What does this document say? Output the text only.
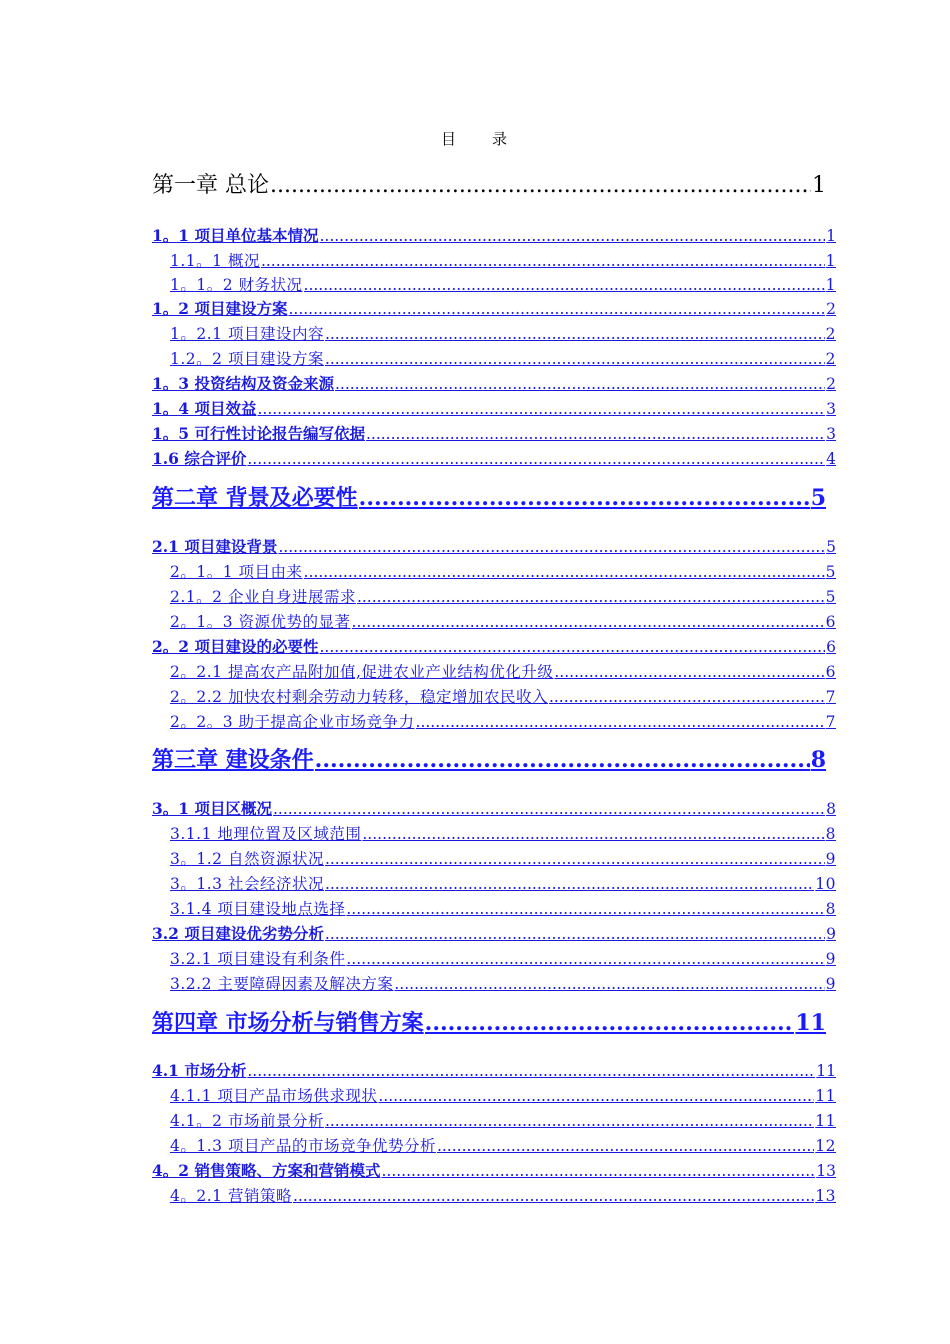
目　　录
第一章 总论 .....	1
1。1 项目单位基本情况 .....	1
1.1。1 概况 .....	1
1。1。2 财务状况 .....	1
1。2 项目建设方案 .....	2
1。2.1 项目建设内容 .....	2
1.2。2 项目建设方案 .....	2
1。3 投资结构及资金来源 .....	2
1。4 项目效益 .....	3
1。5 可行性讨论报告编写依据 .....	3
1.6 综合评价 .....	4
第二章 背景及必要性 .....	5
2.1 项目建设背景 .....	5
2。1。1 项目由来 .....	5
2.1。2 企业自身进展需求 .....	5
2。1。3 资源优势的显著 .....	6
2。2 项目建设的必要性 .....	6
2。2.1 提高农产品附加值,促进农业产业结构优化升级 .....	6
2。2.2 加快农村剩余劳动力转移，稳定增加农民收入 .....	7
2。2。3 助于提高企业市场竞争力 .....	7
第三章 建设条件 .....	8
3。1 项目区概况 .....	8
3.1.1 地理位置及区域范围 .....	8
3。1.2 自然资源状况 .....	9
3。1.3 社会经济状况 .....	10
3.1.4 项目建设地点选择 .....	8
3.2 项目建设优劣势分析 .....	9
3.2.1 项目建设有利条件 .....	9
3.2.2 主要障碍因素及解决方案 .....	9
第四章 市场分析与销售方案 .....	11
4.1 市场分析 .....	11
4.1.1 项目产品市场供求现状 .....	11
4.1。2 市场前景分析 .....	11
4。1.3 项目产品的市场竞争优势分析 .....	12
4。2 销售策略、方案和营销模式 .....	13
4。2.1 营销策略 .....	13
